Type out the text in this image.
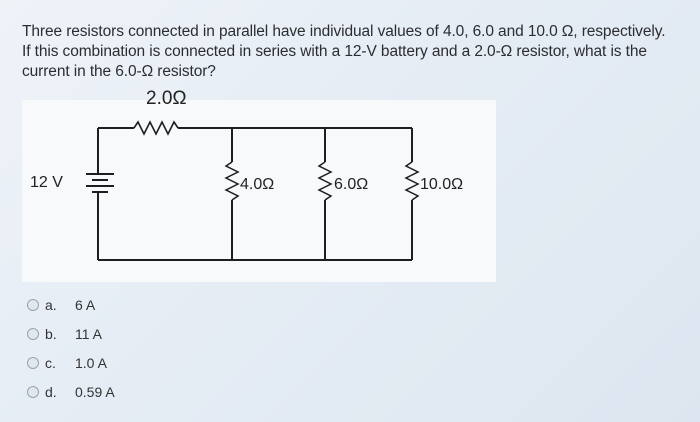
Three resistors connected in parallel have individual values of 4.0, 6.0 and 10.0 Ω, respectively.

If this combination is connected in series with a 12-V battery and a 2.0-Ω resistor, what is the

current in the 6.0-Ω resistor?

2.0Ω
12 V	4.0Ω	6.0Ω	10.0Ω
a.	6 A
b.	11 A
c.	1.0 A
d.	0.59 A
